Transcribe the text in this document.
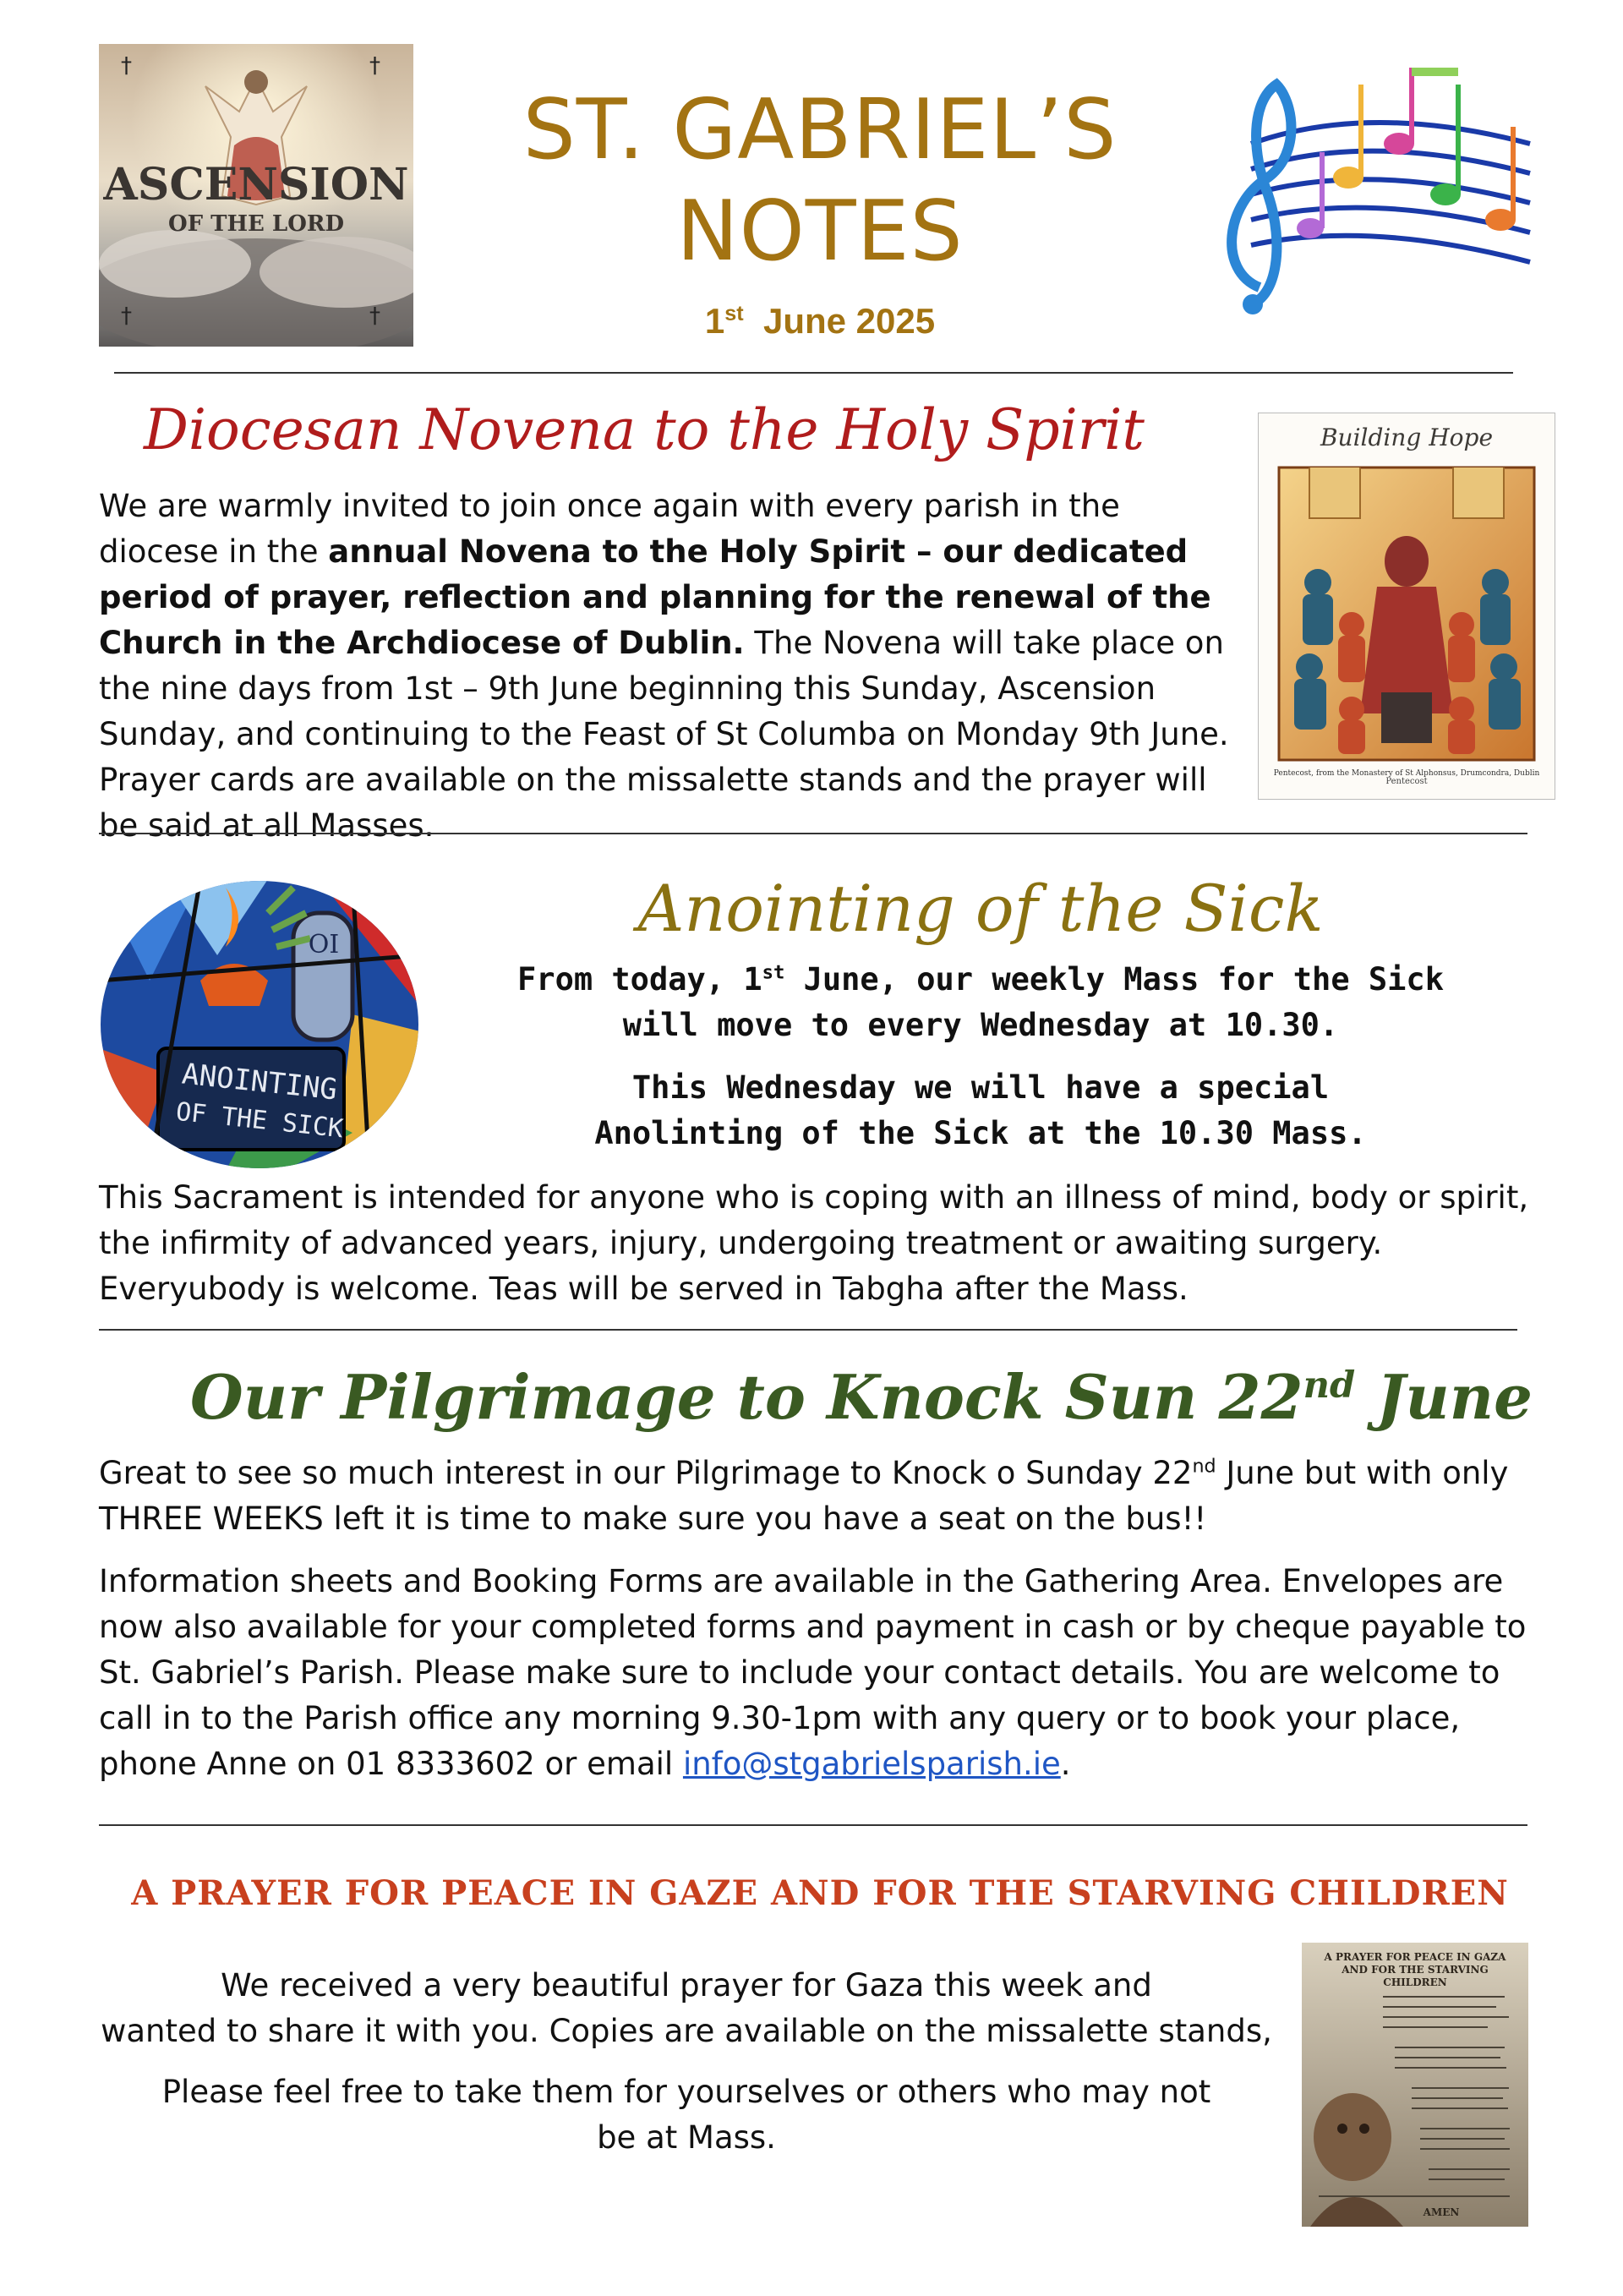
†	†
†	†
ASCENSION
OF THE LORD
ST. GABRIEL’S
NOTES
1st June 2025
Diocesan Novena to the Holy Spirit
We are warmly invited to join once again with every parish in the diocese in the annual Novena to the Holy Spirit – our dedicated period of prayer, reflection and planning for the renewal of the Church in the Archdiocese of Dublin. The Novena will take place on the nine days from 1st – 9th June beginning this Sunday, Ascension Sunday, and continuing to the Feast of St Columba on Monday 9th June. Prayer cards are available on the missalette stands and the prayer will be said at all Masses.
Pentecost
Building Hope
Pentecost, from the Monastery of St Alphonsus, Drumcondra, Dublin
OI
ANOINTING
OF THE SICK
Anointing of the Sick
From today, 1st June, our weekly Mass for the Sick
will move to every Wednesday at 10.30.
This Wednesday we will have a special
Anolinting of the Sick at the 10.30 Mass.
This Sacrament is intended for anyone who is coping with an illness of mind, body or spirit, the infirmity of advanced years, injury, undergoing treatment or awaiting surgery. Everyubody is welcome. Teas will be served in Tabgha after the Mass.
Our Pilgrimage to Knock Sun 22nd June
Great to see so much interest in our Pilgrimage to Knock o Sunday 22nd June but with only THREE WEEKS left it is time to make sure you have a seat on the bus!!
Information sheets and Booking Forms are available in the Gathering Area. Envelopes are now also available for your completed forms and payment in cash or by cheque payable to St. Gabriel’s Parish. Please make sure to include your contact details. You are welcome to call in to the Parish office any morning 9.30-1pm with any query or to book your place, phone Anne on 01 8333602 or email info@stgabrielsparish.ie.
A PRAYER FOR PEACE IN GAZE AND FOR THE STARVING CHILDREN
We received a very beautiful prayer for Gaza this week and
wanted to share it with you. Copies are available on the missalette stands,
Please feel free to take them for yourselves or others who may not
be at Mass.
A PRAYER FOR PEACE IN GAZA AND FOR THE STARVING CHILDREN
AMEN
